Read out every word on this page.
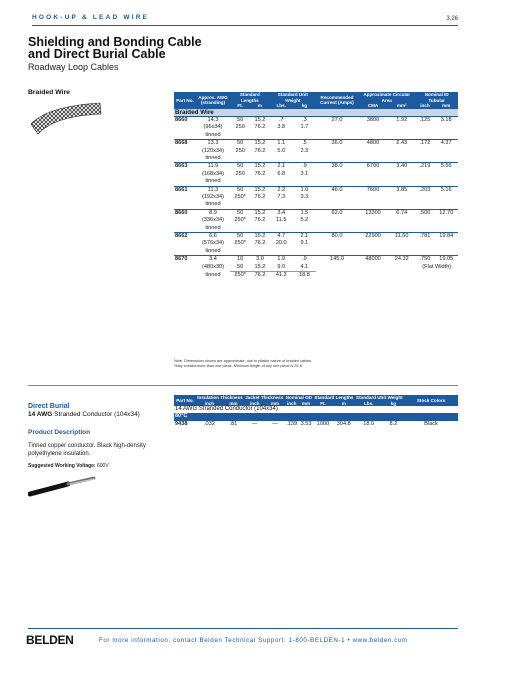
HOOK-UP & LEAD WIRE	3.26
Shielding and Bonding Cable
and Direct Burial Cable
Roadway Loop Cables
Braided Wire
Part No.	Approx. AWG (stranding)	Standard Lengths		Standard Unit Weight		Recommended Current (Amps)	Approximate Circular Area		Nominal ID Tubular	
		Ft.	m	Lbs.	kg		CMA	mm²	inch	mm
Braided Wire										
8660	14.3	50	15.2	.7	.3	27.0	3800	1.92	.125	3.18
	(96x34)	250	76.2	3.8	1.7					
	tinned									
8668	13.3	50	15.2	1.1	.5	36.0	4800	2.43	.172	4.37
	(120x34)	250	76.2	5.0	2.3					
	tinned									
8663	11.9	50	15.2	2.1	.9	38.0	6700	3.40	.219	5.56
	(168x34)	250	76.2	6.8	3.1					
	tinned									
8661	11.3	50	15.2	2.2	1.0	46.0	7600	3.85	.203	5.16
	(192x34)	250*	76.2	7.3	3.3					
	tinned									
8660	8.9	50	15.2	3.4	1.5	62.0	13300	6.74	.500	12.70
	(336x34)	250*	76.2	11.5	5.2					
	tinned									
8662	6.6	50	15.2	4.7	2.1	80.0	22900	11.60	.781	19.84
	(576x34)	250*	76.2	20.0	9.1					
	tinned									
8670	3.4	10	3.0	1.9	.9	145.0	48000	24.32	.750	19.05
	(480x30)	50	15.2	9.0	4.1				(Flat Width)	
	tinned	250*	76.2	41.3	18.8					
Note: Dimensions shown are approximate, due to pliable nature of braided cables.
*May contain more than one piece. Minimum length of any one piece is 25 ft.
Direct Burial
14 AWG Stranded Conductor (104x34)
Product Description
Tinned copper conductor. Black high-density polyethylene insulation.
Suggested Working Voltage: 600V
Part No.	Insulation Thickness		Jacket Thickness		Nominal OD		Standard Lengths		Standard Unit Weight		Stock Colors
	inch	mm	inch	mm	inch	mm	Ft.	m	Lbs.	kg	
14 AWG Stranded Conductor (104x34)											
80°C											
9438	.032	.81	—	—	.139	3.53	1000	304.8	18.0	8.2	Black
BELDEN	For more information, contact Belden Technical Support: 1-800-BELDEN-1 • www.belden.com
